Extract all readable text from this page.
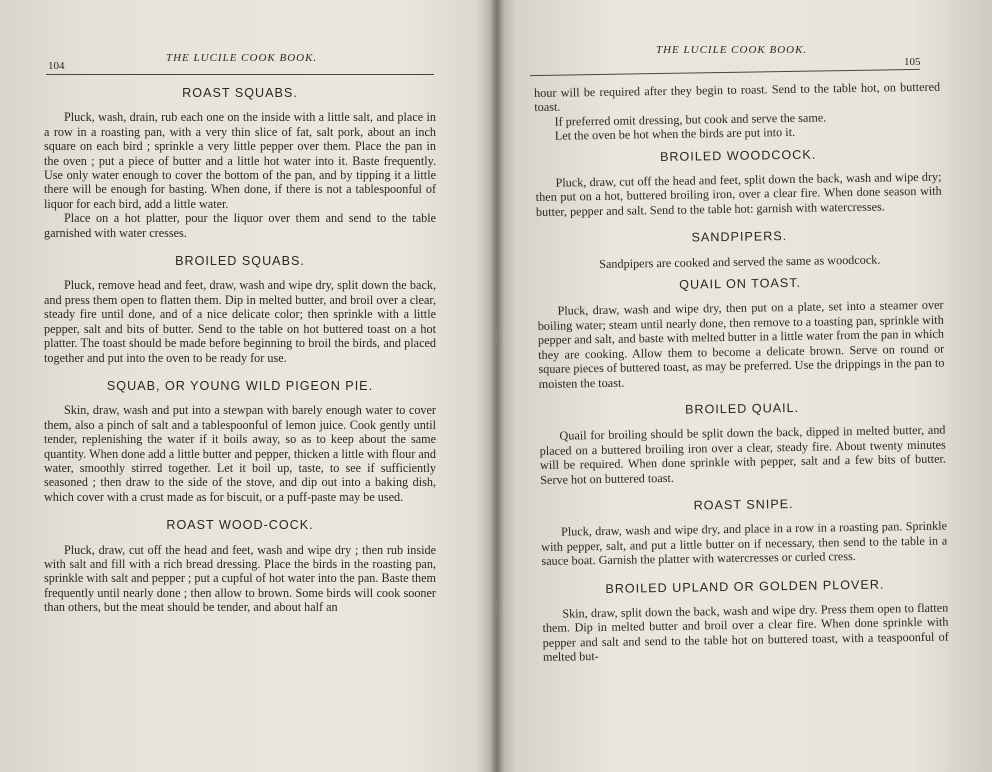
104
THE LUCILE COOK BOOK.
ROAST SQUABS.

Pluck, wash, drain, rub each one on the inside with a little salt, and place in a row in a roasting pan, with a very thin slice of fat, salt pork, about an inch square on each bird ; sprinkle a very little pepper over them. Place the pan in the oven ; put a piece of butter and a little hot water into it. Baste frequently. Use only water enough to cover the bottom of the pan, and by tipping it a little there will be enough for basting. When done, if there is not a tablespoonful of liquor for each bird, add a little water.

Place on a hot platter, pour the liquor over them and send to the table garnished with water cresses.

BROILED SQUABS.

Pluck, remove head and feet, draw, wash and wipe dry, split down the back, and press them open to flatten them. Dip in melted butter, and broil over a clear, steady fire until done, and of a nice delicate color; then sprinkle with a little pepper, salt and bits of butter. Send to the table on hot buttered toast on a hot platter. The toast should be made before beginning to broil the birds, and placed together and put into the oven to be ready for use.

SQUAB, OR YOUNG WILD PIGEON PIE.

Skin, draw, wash and put into a stewpan with barely enough water to cover them, also a pinch of salt and a tablespoonful of lemon juice. Cook gently until tender, replenishing the water if it boils away, so as to keep about the same quantity. When done add a little butter and pepper, thicken a little with flour and water, smoothly stirred together. Let it boil up, taste, to see if sufficiently seasoned ; then draw to the side of the stove, and dip out into a baking dish, which cover with a crust made as for biscuit, or a puff-paste may be used.

ROAST WOOD-COCK.

Pluck, draw, cut off the head and feet, wash and wipe dry ; then rub inside with salt and fill with a rich bread dressing. Place the birds in the roasting pan, sprinkle with salt and pepper ; put a cupful of hot water into the pan. Baste them frequently until nearly done ; then allow to brown. Some birds will cook sooner than others, but the meat should be tender, and about half an

THE LUCILE COOK BOOK.
105

hour will be required after they begin to roast. Send to the table hot, on buttered toast.

If preferred omit dressing, but cook and serve the same.

Let the oven be hot when the birds are put into it.

BROILED WOODCOCK.

Pluck, draw, cut off the head and feet, split down the back, wash and wipe dry; then put on a hot, buttered broiling iron, over a clear fire. When done season with butter, pepper and salt. Send to the table hot: garnish with watercresses.

SANDPIPERS.

Sandpipers are cooked and served the same as woodcock.

QUAIL ON TOAST.

Pluck, draw, wash and wipe dry, then put on a plate, set into a steamer over boiling water; steam until nearly done, then remove to a toasting pan, sprinkle with pepper and salt, and baste with melted butter in a little water from the pan in which they are cooking. Allow them to become a delicate brown. Serve on round or square pieces of buttered toast, as may be preferred. Use the drippings in the pan to moisten the toast.

BROILED QUAIL.

Quail for broiling should be split down the back, dipped in melted butter, and placed on a buttered broiling iron over a clear, steady fire. About twenty minutes will be required. When done sprinkle with pepper, salt and a few bits of butter. Serve hot on buttered toast.

ROAST SNIPE.

Pluck, draw, wash and wipe dry, and place in a row in a roasting pan. Sprinkle with pepper, salt, and put a little butter on if necessary, then send to the table in a sauce boat. Garnish the platter with watercresses or curled cress.

BROILED UPLAND OR GOLDEN PLOVER.

Skin, draw, split down the back, wash and wipe dry. Press them open to flatten them. Dip in melted butter and broil over a clear fire. When done sprinkle with pepper and salt and send to the table hot on buttered toast, with a teaspoonful of melted but-
